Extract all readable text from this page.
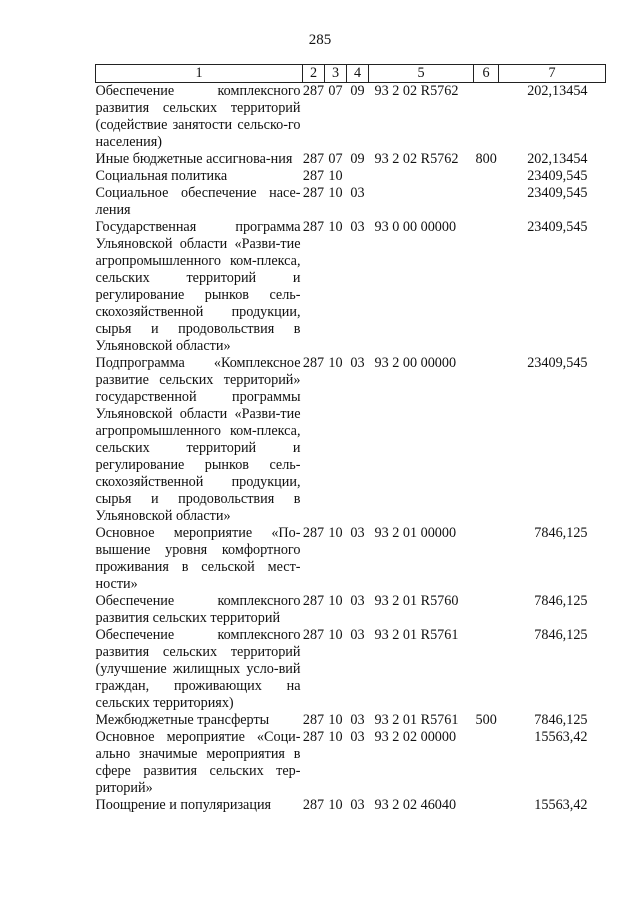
285
1	2	3	4	5	6	7
Обеспечение комплексного развития сельских территорий (содействие занятости сельско-го населения)	287	07	09	93 2 02 R5762		202,13454
Иные бюджетные ассигнова-ния	287	07	09	93 2 02 R5762	800	202,13454
Социальная политика	287	10				23409,545
Социальное обеспечение насе-ления	287	10	03			23409,545
Государственная программа Ульяновской области «Разви-тие агропромышленного ком-плекса, сельских территорий и регулирование рынков сель-скохозяйственной продукции, сырья и продовольствия в Ульяновской области»	287	10	03	93 0 00 00000		23409,545
Подпрограмма «Комплексное развитие сельских территорий» государственной программы Ульяновской области «Разви-тие агропромышленного ком-плекса, сельских территорий и регулирование рынков сель-скохозяйственной продукции, сырья и продовольствия в Ульяновской области»	287	10	03	93 2 00 00000		23409,545
Основное мероприятие «По-вышение уровня комфортного проживания в сельской мест-ности»	287	10	03	93 2 01 00000		7846,125
Обеспечение комплексного развития сельских территорий	287	10	03	93 2 01 R5760		7846,125
Обеспечение комплексного развития сельских территорий (улучшение жилищных усло-вий граждан, проживающих на сельских территориях)	287	10	03	93 2 01 R5761		7846,125
Межбюджетные трансферты	287	10	03	93 2 01 R5761	500	7846,125
Основное мероприятие «Соци-ально значимые мероприятия в сфере развития сельских тер-риторий»	287	10	03	93 2 02 00000		15563,42
Поощрение и популяризация	287	10	03	93 2 02 46040		15563,42
